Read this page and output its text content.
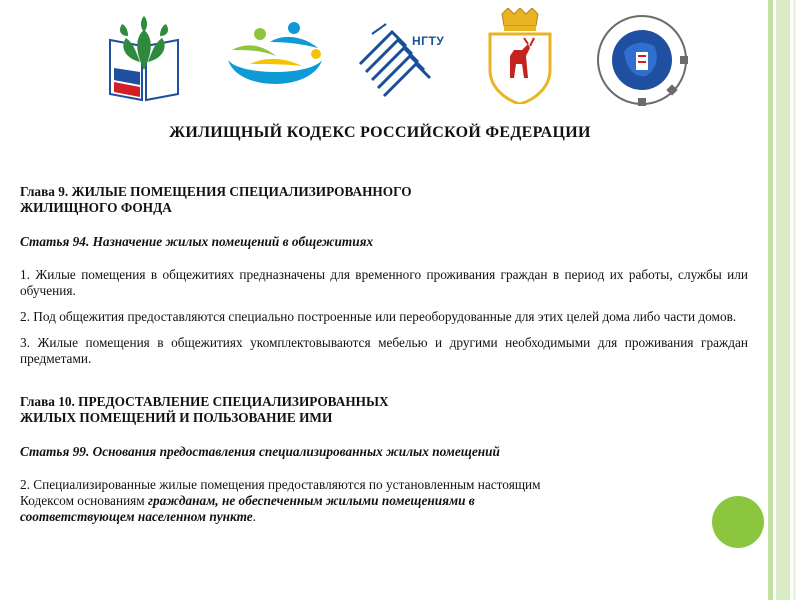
НГТУ
ЖИЛИЩНЫЙ КОДЕКС РОССИЙСКОЙ ФЕДЕРАЦИИ

Глава 9. ЖИЛЫЕ ПОМЕЩЕНИЯ СПЕЦИАЛИЗИРОВАННОГО
ЖИЛИЩНОГО ФОНДА

Статья 94. Назначение жилых помещений в общежитиях

1. Жилые помещения в общежитиях предназначены для временного проживания граждан в период их работы, службы или обучения.

2. Под общежития предоставляются специально построенные или переоборудованные для этих целей дома либо части домов.

3. Жилые помещения в общежитиях укомплектовываются мебелью и другими необходимыми для проживания граждан предметами.

Глава 10. ПРЕДОСТАВЛЕНИЕ СПЕЦИАЛИЗИРОВАННЫХ
ЖИЛЫХ ПОМЕЩЕНИЙ И ПОЛЬЗОВАНИЕ ИМИ

Статья 99. Основания предоставления специализированных жилых помещений

2. Специализированные жилые помещения предоставляются по установленным настоящим
Кодексом основаниям гражданам, не обеспеченным жилыми помещениями в
соответствующем населенном пункте.
